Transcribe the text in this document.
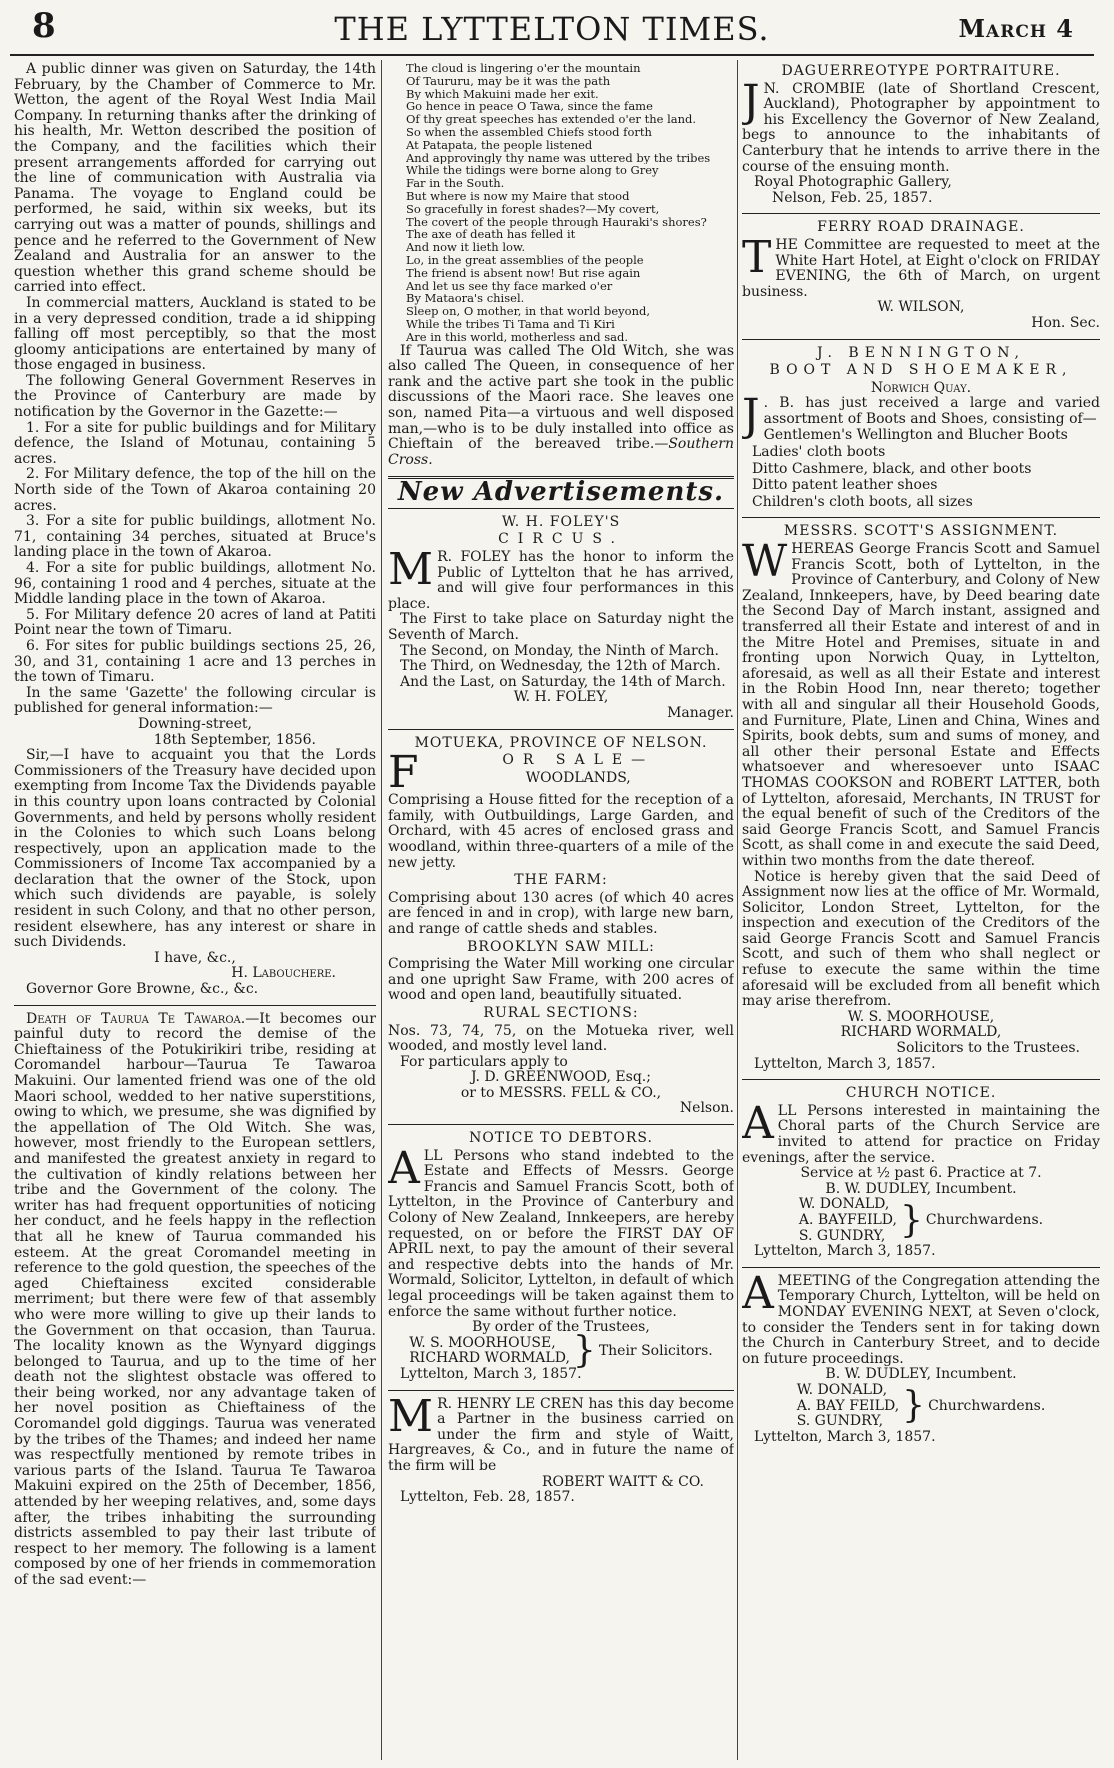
8	THE LYTTELTON TIMES.	March 4

A public dinner was given on Saturday, the 14th February, by the Chamber of Commerce to Mr. Wetton, the agent of the Royal West India Mail Company. In returning thanks after the drinking of his health, Mr. Wetton described the position of the Company, and the facilities which their present arrangements afforded for carrying out the line of communication with Australia via Panama. The voyage to England could be performed, he said, within six weeks, but its carrying out was a matter of pounds, shillings and pence and he referred to the Government of New Zealand and Australia for an answer to the question whether this grand scheme should be carried into effect.

In commercial matters, Auckland is stated to be in a very depressed condition, trade a id shipping falling off most perceptibly, so that the most gloomy anticipations are entertained by many of those engaged in business.

The following General Government Reserves in the Province of Canterbury are made by notification by the Governor in the Gazette:—

1. For a site for public buildings and for Military defence, the Island of Motunau, containing 5 acres.

2. For Military defence, the top of the hill on the North side of the Town of Akaroa containing 20 acres.

3. For a site for public buildings, allotment No. 71, containing 34 perches, situated at Bruce's landing place in the town of Akaroa.

4. For a site for public buildings, allotment No. 96, containing 1 rood and 4 perches, situate at the Middle landing place in the town of Akaroa.

5. For Military defence 20 acres of land at Patiti Point near the town of Timaru.

6. For sites for public buildings sections 25, 26, 30, and 31, containing 1 acre and 13 perches in the town of Timaru.

In the same 'Gazette' the following circular is published for general information:—

Downing-street,
18th September, 1856.

Sir,—I have to acquaint you that the Lords Commissioners of the Treasury have decided upon exempting from Income Tax the Dividends payable in this country upon loans contracted by Colonial Governments, and held by persons wholly resident in the Colonies to which such Loans belong respectively, upon an application made to the Commissioners of Income Tax accompanied by a declaration that the owner of the Stock, upon which such dividends are payable, is solely resident in such Colony, and that no other person, resident elsewhere, has any interest or share in such Dividends.

I have, &c.,
H. Labouchere.
Governor Gore Browne, &c., &c.

Death of Taurua Te Tawaroa.—It becomes our painful duty to record the demise of the Chieftainess of the Potukirikiri tribe, residing at Coromandel harbour—Taurua Te Tawaroa Makuini. Our lamented friend was one of the old Maori school, wedded to her native superstitions, owing to which, we presume, she was dignified by the appellation of The Old Witch. She was, however, most friendly to the European settlers, and manifested the greatest anxiety in regard to the cultivation of kindly relations between her tribe and the Government of the colony. The writer has had frequent opportunities of noticing her conduct, and he feels happy in the reflection that all he knew of Taurua commanded his esteem. At the great Coromandel meeting in reference to the gold question, the speeches of the aged Chieftainess excited considerable merriment; but there were few of that assembly who were more willing to give up their lands to the Government on that occasion, than Taurua. The locality known as the Wynyard diggings belonged to Taurua, and up to the time of her death not the slightest obstacle was offered to their being worked, nor any advantage taken of her novel position as Chieftainess of the Coromandel gold diggings. Taurua was venerated by the tribes of the Thames; and indeed her name was respectfully mentioned by remote tribes in various parts of the Island. Taurua Te Tawaroa Makuini expired on the 25th of December, 1856, attended by her weeping relatives, and, some days after, the tribes inhabiting the surrounding districts assembled to pay their last tribute of respect to her memory. The following is a lament composed by one of her friends in commemoration of the sad event:—

The cloud is lingering o'er the mountain
Of Taururu, may be it was the path
By which Makuini made her exit.
Go hence in peace O Tawa, since the fame
Of thy great speeches has extended o'er the land.
So when the assembled Chiefs stood forth
At Patapata, the people listened
And approvingly thy name was uttered by the tribes
While the tidings were borne along to Grey
Far in the South.
But where is now my Maire that stood
So gracefully in forest shades?—My covert,
The covert of the people through Hauraki's shores?
The axe of death has felled it
And now it lieth low.
Lo, in the great assemblies of the people
The friend is absent now! But rise again
And let us see thy face marked o'er
By Mataora's chisel.
Sleep on, O mother, in that world beyond,
While the tribes Ti Tama and Ti Kiri
Are in this world, motherless and sad.

If Taurua was called The Old Witch, she was also called The Queen, in consequence of her rank and the active part she took in the public discussions of the Maori race. She leaves one son, named Pita—a virtuous and well disposed man,—who is to be duly installed into office as Chieftain of the bereaved tribe.—Southern Cross.

New Advertisements.
W. H. FOLEY'S
CIRCUS.

M R. FOLEY has the honor to inform the Public of Lyttelton that he has arrived, and will give four performances in this place.

The First to take place on Saturday night the Seventh of March.

The Second, on Monday, the Ninth of March.

The Third, on Wednesday, the 12th of March.

And the Last, on Saturday, the 14th of March.

W. H. FOLEY,
Manager.
MOTUEKA, PROVINCE OF NELSON.
F	OR SALE—
WOODLANDS,

Comprising a House fitted for the reception of a family, with Outbuildings, Large Garden, and Orchard, with 45 acres of enclosed grass and woodland, within three-quarters of a mile of the new jetty.

THE FARM:

Comprising about 130 acres (of which 40 acres are fenced in and in crop), with large new barn, and range of cattle sheds and stables.

BROOKLYN SAW MILL:

Comprising the Water Mill working one circular and one upright Saw Frame, with 200 acres of wood and open land, beautifully situated.

RURAL SECTIONS:

Nos. 73, 74, 75, on the Motueka river, well wooded, and mostly level land.

For particulars apply to

J. D. GREENWOOD, Esq.;
or to MESSRS. FELL & CO.,
Nelson.
NOTICE TO DEBTORS.

ALL Persons who stand indebted to the Estate and Effects of Messrs. George Francis and Samuel Francis Scott, both of Lyttelton, in the Province of Canterbury and Colony of New Zealand, Innkeepers, are hereby requested, on or before the FIRST DAY OF APRIL next, to pay the amount of their several and respective debts into the hands of Mr. Wormald, Solicitor, Lyttelton, in default of which legal proceedings will be taken against them to enforce the same without further notice.

By order of the Trustees,
W. S. MOORHOUSE,
RICHARD WORMALD, } Their Solicitors.
Lyttelton, March 3, 1857.

M R. HENRY LE CREN has this day become a Partner in the business carried on under the firm and style of Waitt, Hargreaves, & Co., and in future the name of the firm will be

ROBERT WAITT & CO.
Lyttelton, Feb. 28, 1857.
DAGUERREOTYPE PORTRAITURE.

J N. CROMBIE (late of Shortland Crescent, Auckland), Photographer by appointment to his Excellency the Governor of New Zealand, begs to announce to the inhabitants of Canterbury that he intends to arrive there in the course of the ensuing month.

Royal Photographic Gallery,

Nelson, Feb. 25, 1857.

FERRY ROAD DRAINAGE.

THE Committee are requested to meet at the White Hart Hotel, at Eight o'clock on FRIDAY EVENING, the 6th of March, on urgent business.

W. WILSON,
Hon. Sec.
J. BENNINGTON,
BOOT AND SHOEMAKER,
Norwich Quay.

J . B. has just received a large and varied assortment of Boots and Shoes, consisting of—

Gentlemen's Wellington and Blucher Boots
Ladies' cloth boots
Ditto Cashmere, black, and other boots
Ditto patent leather shoes
Children's cloth boots, all sizes
MESSRS. SCOTT'S ASSIGNMENT.

WHEREAS George Francis Scott and Samuel Francis Scott, both of Lyttelton, in the Province of Canterbury, and Colony of New Zealand, Innkeepers, have, by Deed bearing date the Second Day of March instant, assigned and transferred all their Estate and interest of and in the Mitre Hotel and Premises, situate in and fronting upon Norwich Quay, in Lyttelton, aforesaid, as well as all their Estate and interest in the Robin Hood Inn, near thereto; together with all and singular all their Household Goods, and Furniture, Plate, Linen and China, Wines and Spirits, book debts, sum and sums of money, and all other their personal Estate and Effects whatsoever and wheresoever unto ISAAC THOMAS COOKSON and ROBERT LATTER, both of Lyttelton, aforesaid, Merchants, IN TRUST for the equal benefit of such of the Creditors of the said George Francis Scott, and Samuel Francis Scott, as shall come in and execute the said Deed, within two months from the date thereof.

Notice is hereby given that the said Deed of Assignment now lies at the office of Mr. Wormald, Solicitor, London Street, Lyttelton, for the inspection and execution of the Creditors of the said George Francis Scott and Samuel Francis Scott, and such of them who shall neglect or refuse to execute the same within the time aforesaid will be excluded from all benefit which may arise therefrom.

W. S. MOORHOUSE,
RICHARD WORMALD,
Solicitors to the Trustees.
Lyttelton, March 3, 1857.
CHURCH NOTICE.

ALL Persons interested in maintaining the Choral parts of the Church Service are invited to attend for practice on Friday evenings, after the service.

Service at ½ past 6. Practice at 7.
B. W. DUDLEY, Incumbent.
W. DONALD,
A. BAYFEILD,
S. GUNDRY, } Churchwardens.
Lyttelton, March 3, 1857.

AMEETING of the Congregation attending the Temporary Church, Lyttelton, will be held on MONDAY EVENING NEXT, at Seven o'clock, to consider the Tenders sent in for taking down the Church in Canterbury Street, and to decide on future proceedings.

B. W. DUDLEY, Incumbent.
W. DONALD,
A. BAY FEILD,
S. GUNDRY, } Churchwardens.
Lyttelton, March 3, 1857.
